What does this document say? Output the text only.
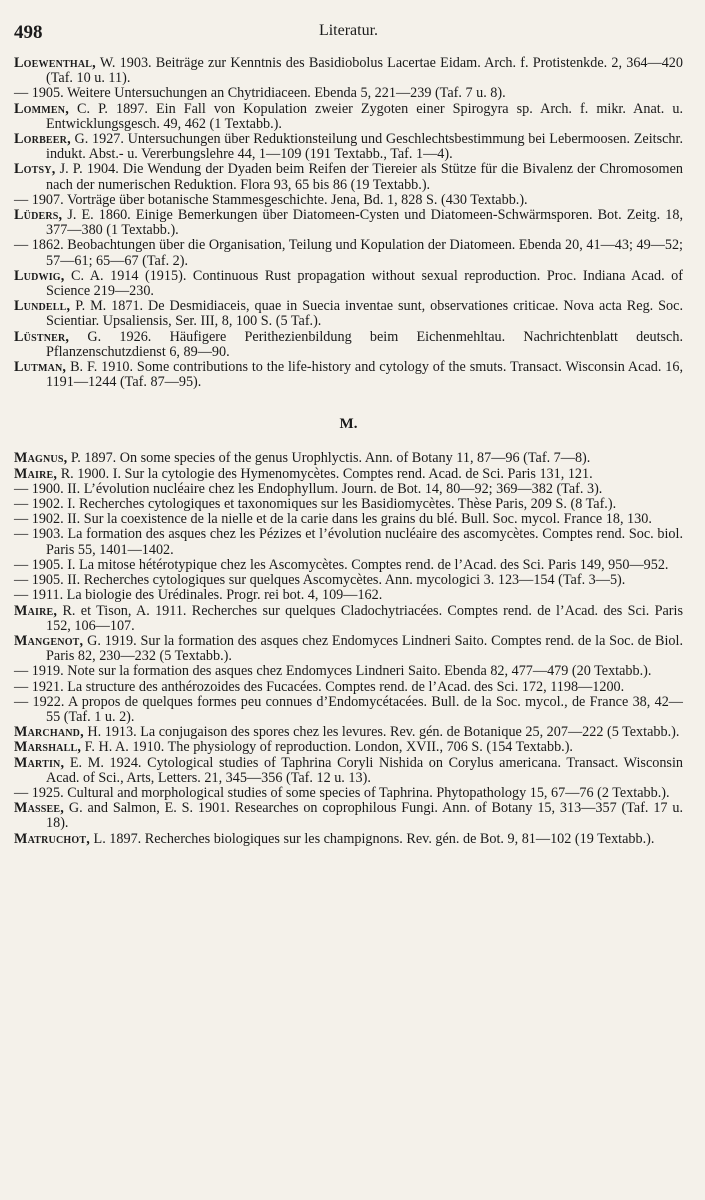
498	Literatur.

Loewenthal, W. 1903. Beiträge zur Kenntnis des Basidiobolus Lacertae Eidam. Arch. f. Protistenkde. 2, 364—420 (Taf. 10 u. 11).

— 1905. Weitere Untersuchungen an Chytridiaceen. Ebenda 5, 221—239 (Taf. 7 u. 8).

Lommen, C. P. 1897. Ein Fall von Kopulation zweier Zygoten einer Spirogyra sp. Arch. f. mikr. Anat. u. Entwicklungsgesch. 49, 462 (1 Textabb.).

Lorbeer, G. 1927. Untersuchungen über Reduktionsteilung und Geschlechtsbestimmung bei Lebermoosen. Zeitschr. indukt. Abst.- u. Vererbungslehre 44, 1—109 (191 Textabb., Taf. 1—4).

Lotsy, J. P. 1904. Die Wendung der Dyaden beim Reifen der Tiereier als Stütze für die Bivalenz der Chromosomen nach der numerischen Reduktion. Flora 93, 65 bis 86 (19 Textabb.).

— 1907. Vorträge über botanische Stammesgeschichte. Jena, Bd. 1, 828 S. (430 Textabb.).

Lüders, J. E. 1860. Einige Bemerkungen über Diatomeen-Cysten und Diatomeen-Schwärmsporen. Bot. Zeitg. 18, 377—380 (1 Textabb.).

— 1862. Beobachtungen über die Organisation, Teilung und Kopulation der Diatomeen. Ebenda 20, 41—43; 49—52; 57—61; 65—67 (Taf. 2).

Ludwig, C. A. 1914 (1915). Continuous Rust propagation without sexual reproduction. Proc. Indiana Acad. of Science 219—230.

Lundell, P. M. 1871. De Desmidiaceis, quae in Suecia inventae sunt, observationes criticae. Nova acta Reg. Soc. Scientiar. Upsaliensis, Ser. III, 8, 100 S. (5 Taf.).

Lüstner, G. 1926. Häufigere Perithezienbildung beim Eichenmehltau. Nachrichtenblatt deutsch. Pflanzenschutzdienst 6, 89—90.

Lutman, B. F. 1910. Some contributions to the life-history and cytology of the smuts. Transact. Wisconsin Acad. 16, 1191—1244 (Taf. 87—95).

M.

Magnus, P. 1897. On some species of the genus Urophlyctis. Ann. of Botany 11, 87—96 (Taf. 7—8).

Maire, R. 1900. I. Sur la cytologie des Hymenomycètes. Comptes rend. Acad. de Sci. Paris 131, 121.

— 1900. II. L’évolution nucléaire chez les Endophyllum. Journ. de Bot. 14, 80—92; 369—382 (Taf. 3).

— 1902. I. Recherches cytologiques et taxonomiques sur les Basidiomycètes. Thèse Paris, 209 S. (8 Taf.).

— 1902. II. Sur la coexistence de la nielle et de la carie dans les grains du blé. Bull. Soc. mycol. France 18, 130.

— 1903. La formation des asques chez les Pézizes et l’évolution nucléaire des ascomycètes. Comptes rend. Soc. biol. Paris 55, 1401—1402.

— 1905. I. La mitose hétérotypique chez les Ascomycètes. Comptes rend. de l’Acad. des Sci. Paris 149, 950—952.

— 1905. II. Recherches cytologiques sur quelques Ascomycètes. Ann. mycologici 3. 123—154 (Taf. 3—5).

— 1911. La biologie des Urédinales. Progr. rei bot. 4, 109—162.

Maire, R. et Tison, A. 1911. Recherches sur quelques Cladochytriacées. Comptes rend. de l’Acad. des Sci. Paris 152, 106—107.

Mangenot, G. 1919. Sur la formation des asques chez Endomyces Lindneri Saito. Comptes rend. de la Soc. de Biol. Paris 82, 230—232 (5 Textabb.).

— 1919. Note sur la formation des asques chez Endomyces Lindneri Saito. Ebenda 82, 477—479 (20 Textabb.).

— 1921. La structure des anthérozoides des Fucacées. Comptes rend. de l’Acad. des Sci. 172, 1198—1200.

— 1922. A propos de quelques formes peu connues d’Endomycétacées. Bull. de la Soc. mycol., de France 38, 42—55 (Taf. 1 u. 2).

Marchand, H. 1913. La conjugaison des spores chez les levures. Rev. gén. de Botanique 25, 207—222 (5 Textabb.).

Marshall, F. H. A. 1910. The physiology of reproduction. London, XVII., 706 S. (154 Textabb.).

Martin, E. M. 1924. Cytological studies of Taphrina Coryli Nishida on Corylus americana. Transact. Wisconsin Acad. of Sci., Arts, Letters. 21, 345—356 (Taf. 12 u. 13).

— 1925. Cultural and morphological studies of some species of Taphrina. Phytopathology 15, 67—76 (2 Textabb.).

Massee, G. and Salmon, E. S. 1901. Researches on coprophilous Fungi. Ann. of Botany 15, 313—357 (Taf. 17 u. 18).

Matruchot, L. 1897. Recherches biologiques sur les champignons. Rev. gén. de Bot. 9, 81—102 (19 Textabb.).
